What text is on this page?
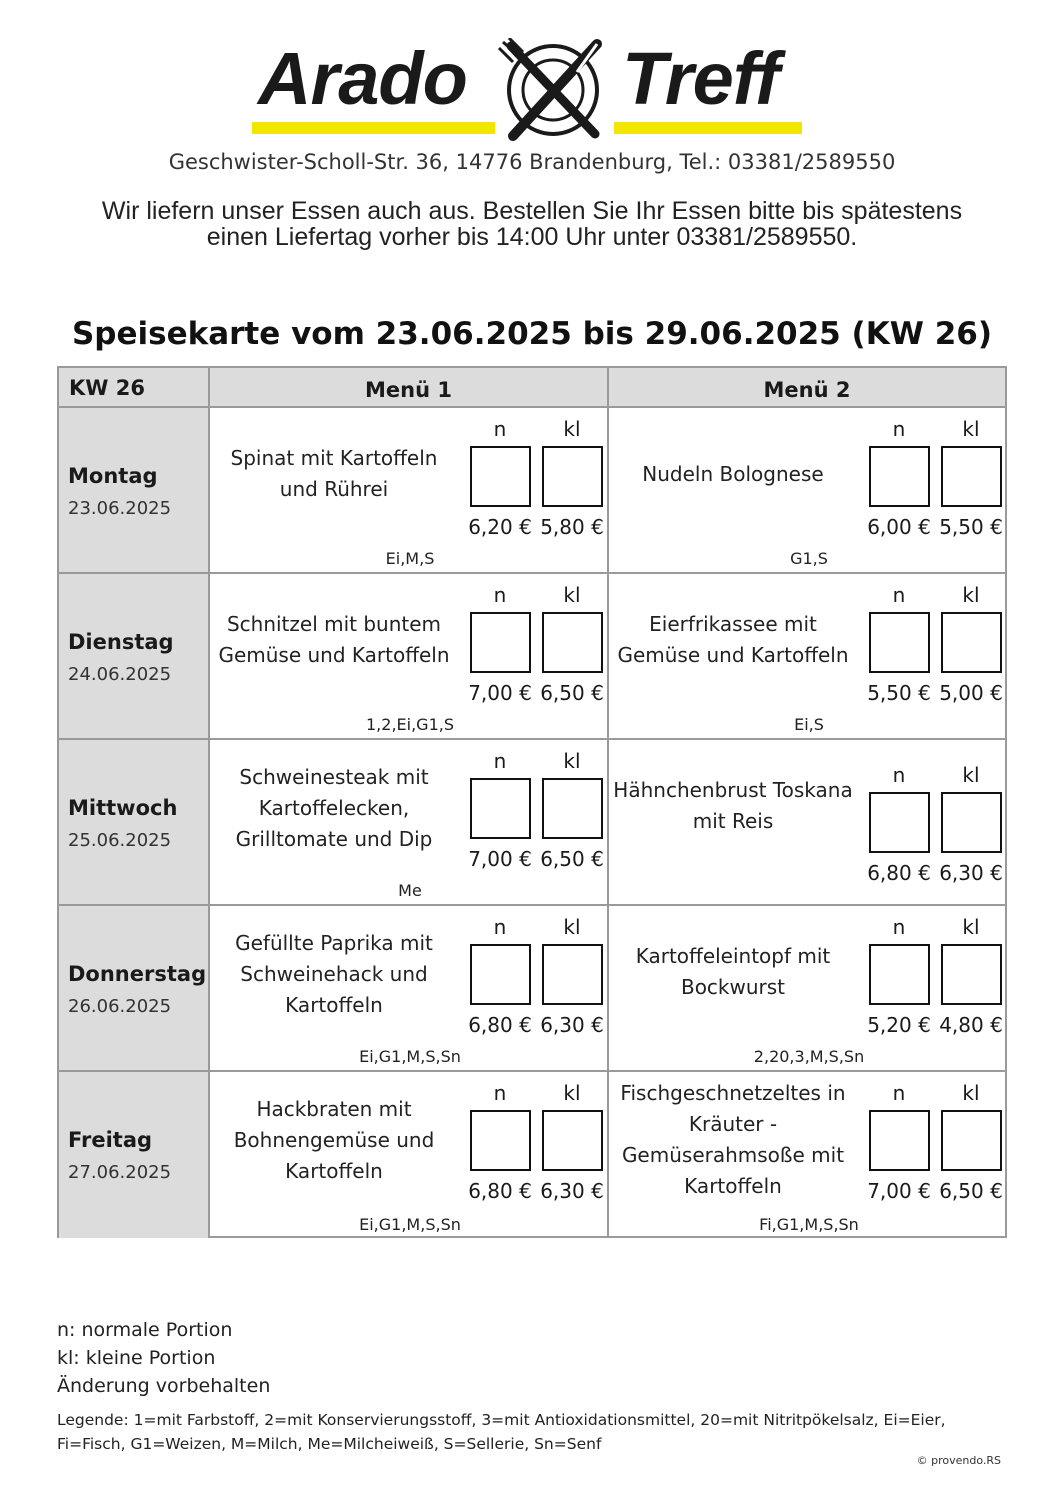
Arado Treff
Geschwister-Scholl-Str. 36, 14776 Brandenburg, Tel.: 03381/2589550
Wir liefern unser Essen auch aus. Bestellen Sie Ihr Essen bitte bis spätestens
einen Liefertag vorher bis 14:00 Uhr unter 03381/2589550.
Speisekarte vom 23.06.2025 bis 29.06.2025 (KW 26)
KW 26	Menü 1	Menü 2
Montag
23.06.2025
Spinat mit Kartoffeln und Rührei
n
6,20 €
kl
5,80 €
Ei,M,S
Nudeln Bolognese
n
6,00 €
kl
5,50 €
G1,S
Dienstag
24.06.2025
Schnitzel mit buntem Gemüse und Kartoffeln
n
7,00 €
kl
6,50 €
1,2,Ei,G1,S
Eierfrikassee mit Gemüse und Kartoffeln
n
5,50 €
kl
5,00 €
Ei,S
Mittwoch
25.06.2025
Schweinesteak mit Kartoffelecken, Grilltomate und Dip
n
7,00 €
kl
6,50 €
Me
Hähnchenbrust Toskana mit Reis
n
6,80 €
kl
6,30 €
Donnerstag
26.06.2025
Gefüllte Paprika mit Schweinehack und Kartoffeln
n
6,80 €
kl
6,30 €
Ei,G1,M,S,Sn
Kartoffeleintopf mit Bockwurst
n
5,20 €
kl
4,80 €
2,20,3,M,S,Sn
Freitag
27.06.2025
Hackbraten mit Bohnengemüse und Kartoffeln
n
6,80 €
kl
6,30 €
Ei,G1,M,S,Sn
Fischgeschnetzeltes in Kräuter - Gemüserahmsoße mit Kartoffeln
n
7,00 €
kl
6,50 €
Fi,G1,M,S,Sn
n: normale Portion
kl: kleine Portion
Änderung vorbehalten
Legende: 1=mit Farbstoff, 2=mit Konservierungsstoff, 3=mit Antioxidationsmittel, 20=mit Nitritpökelsalz, Ei=Eier, Fi=Fisch, G1=Weizen, M=Milch, Me=Milcheiweiß, S=Sellerie, Sn=Senf
© provendo.RS
